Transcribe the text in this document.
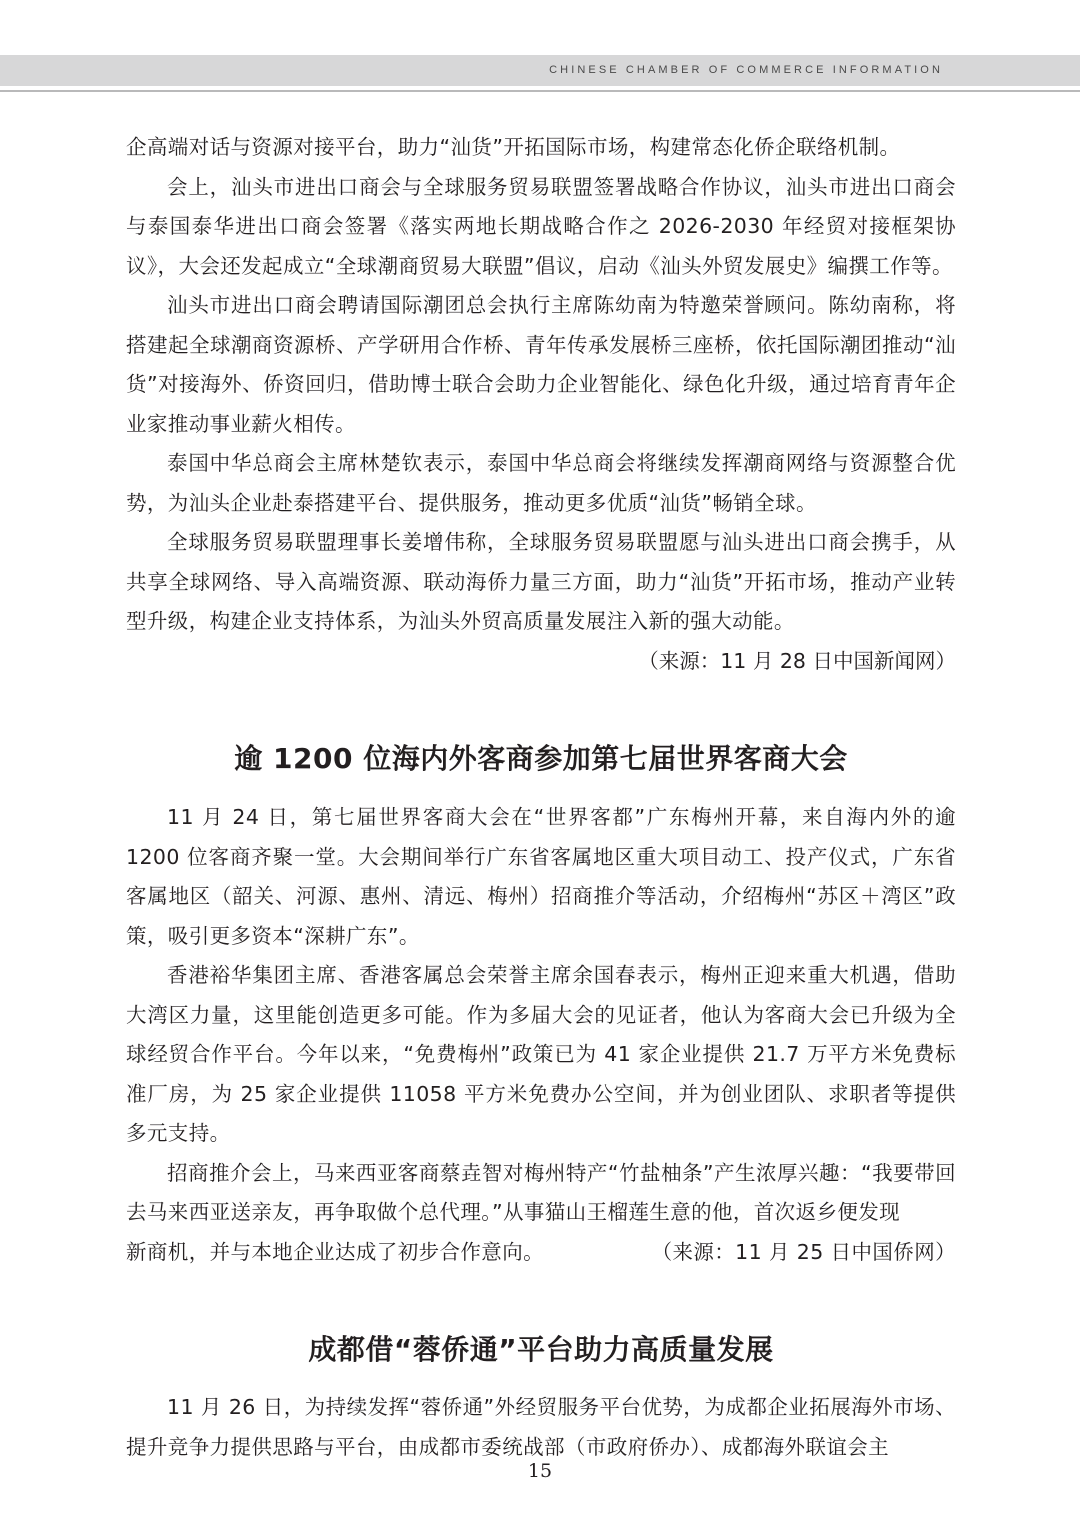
CHINESE CHAMBER OF COMMERCE INFORMATION

企高端对话与资源对接平台，助力“汕货”开拓国际市场，构建常态化侨企联络机制。

会上，汕头市进出口商会与全球服务贸易联盟签署战略合作协议，汕头市进出口商会与泰国泰华进出口商会签署《落实两地长期战略合作之 2026-2030 年经贸对接框架协议》，大会还发起成立“全球潮商贸易大联盟”倡议，启动《汕头外贸发展史》编撰工作等。

汕头市进出口商会聘请国际潮团总会执行主席陈幼南为特邀荣誉顾问。陈幼南称，将搭建起全球潮商资源桥、产学研用合作桥、青年传承发展桥三座桥，依托国际潮团推动“汕货”对接海外、侨资回归，借助博士联合会助力企业智能化、绿色化升级，通过培育青年企业家推动事业薪火相传。

泰国中华总商会主席林楚钦表示，泰国中华总商会将继续发挥潮商网络与资源整合优势，为汕头企业赴泰搭建平台、提供服务，推动更多优质“汕货”畅销全球。

全球服务贸易联盟理事长姜增伟称，全球服务贸易联盟愿与汕头进出口商会携手，从共享全球网络、导入高端资源、联动海侨力量三方面，助力“汕货”开拓市场，推动产业转型升级，构建企业支持体系，为汕头外贸高质量发展注入新的强大动能。

（来源：11 月 28 日中国新闻网）

逾 1200 位海内外客商参加第七届世界客商大会

11 月 24 日，第七届世界客商大会在“世界客都”广东梅州开幕，来自海内外的逾 1200 位客商齐聚一堂。大会期间举行广东省客属地区重大项目动工、投产仪式，广东省客属地区（韶关、河源、惠州、清远、梅州）招商推介等活动，介绍梅州“苏区＋湾区”政策，吸引更多资本“深耕广东”。

香港裕华集团主席、香港客属总会荣誉主席余国春表示，梅州正迎来重大机遇，借助大湾区力量，这里能创造更多可能。作为多届大会的见证者，他认为客商大会已升级为全球经贸合作平台。今年以来，“免费梅州”政策已为 41 家企业提供 21.7 万平方米免费标准厂房，为 25 家企业提供 11058 平方米免费办公空间，并为创业团队、求职者等提供多元支持。

招商推介会上，马来西亚客商蔡垚智对梅州特产“竹盐柚条”产生浓厚兴趣：“我要带回去马来西亚送亲友，再争取做个总代理。”从事猫山王榴莲生意的他，首次返乡便发现

新商机，并与本地企业达成了初步合作意向。	（来源：11 月 25 日中国侨网）
成都借“蓉侨通”平台助力高质量发展

11 月 26 日，为持续发挥“蓉侨通”外经贸服务平台优势，为成都企业拓展海外市场、提升竞争力提供思路与平台，由成都市委统战部（市政府侨办）、成都海外联谊会主

15
